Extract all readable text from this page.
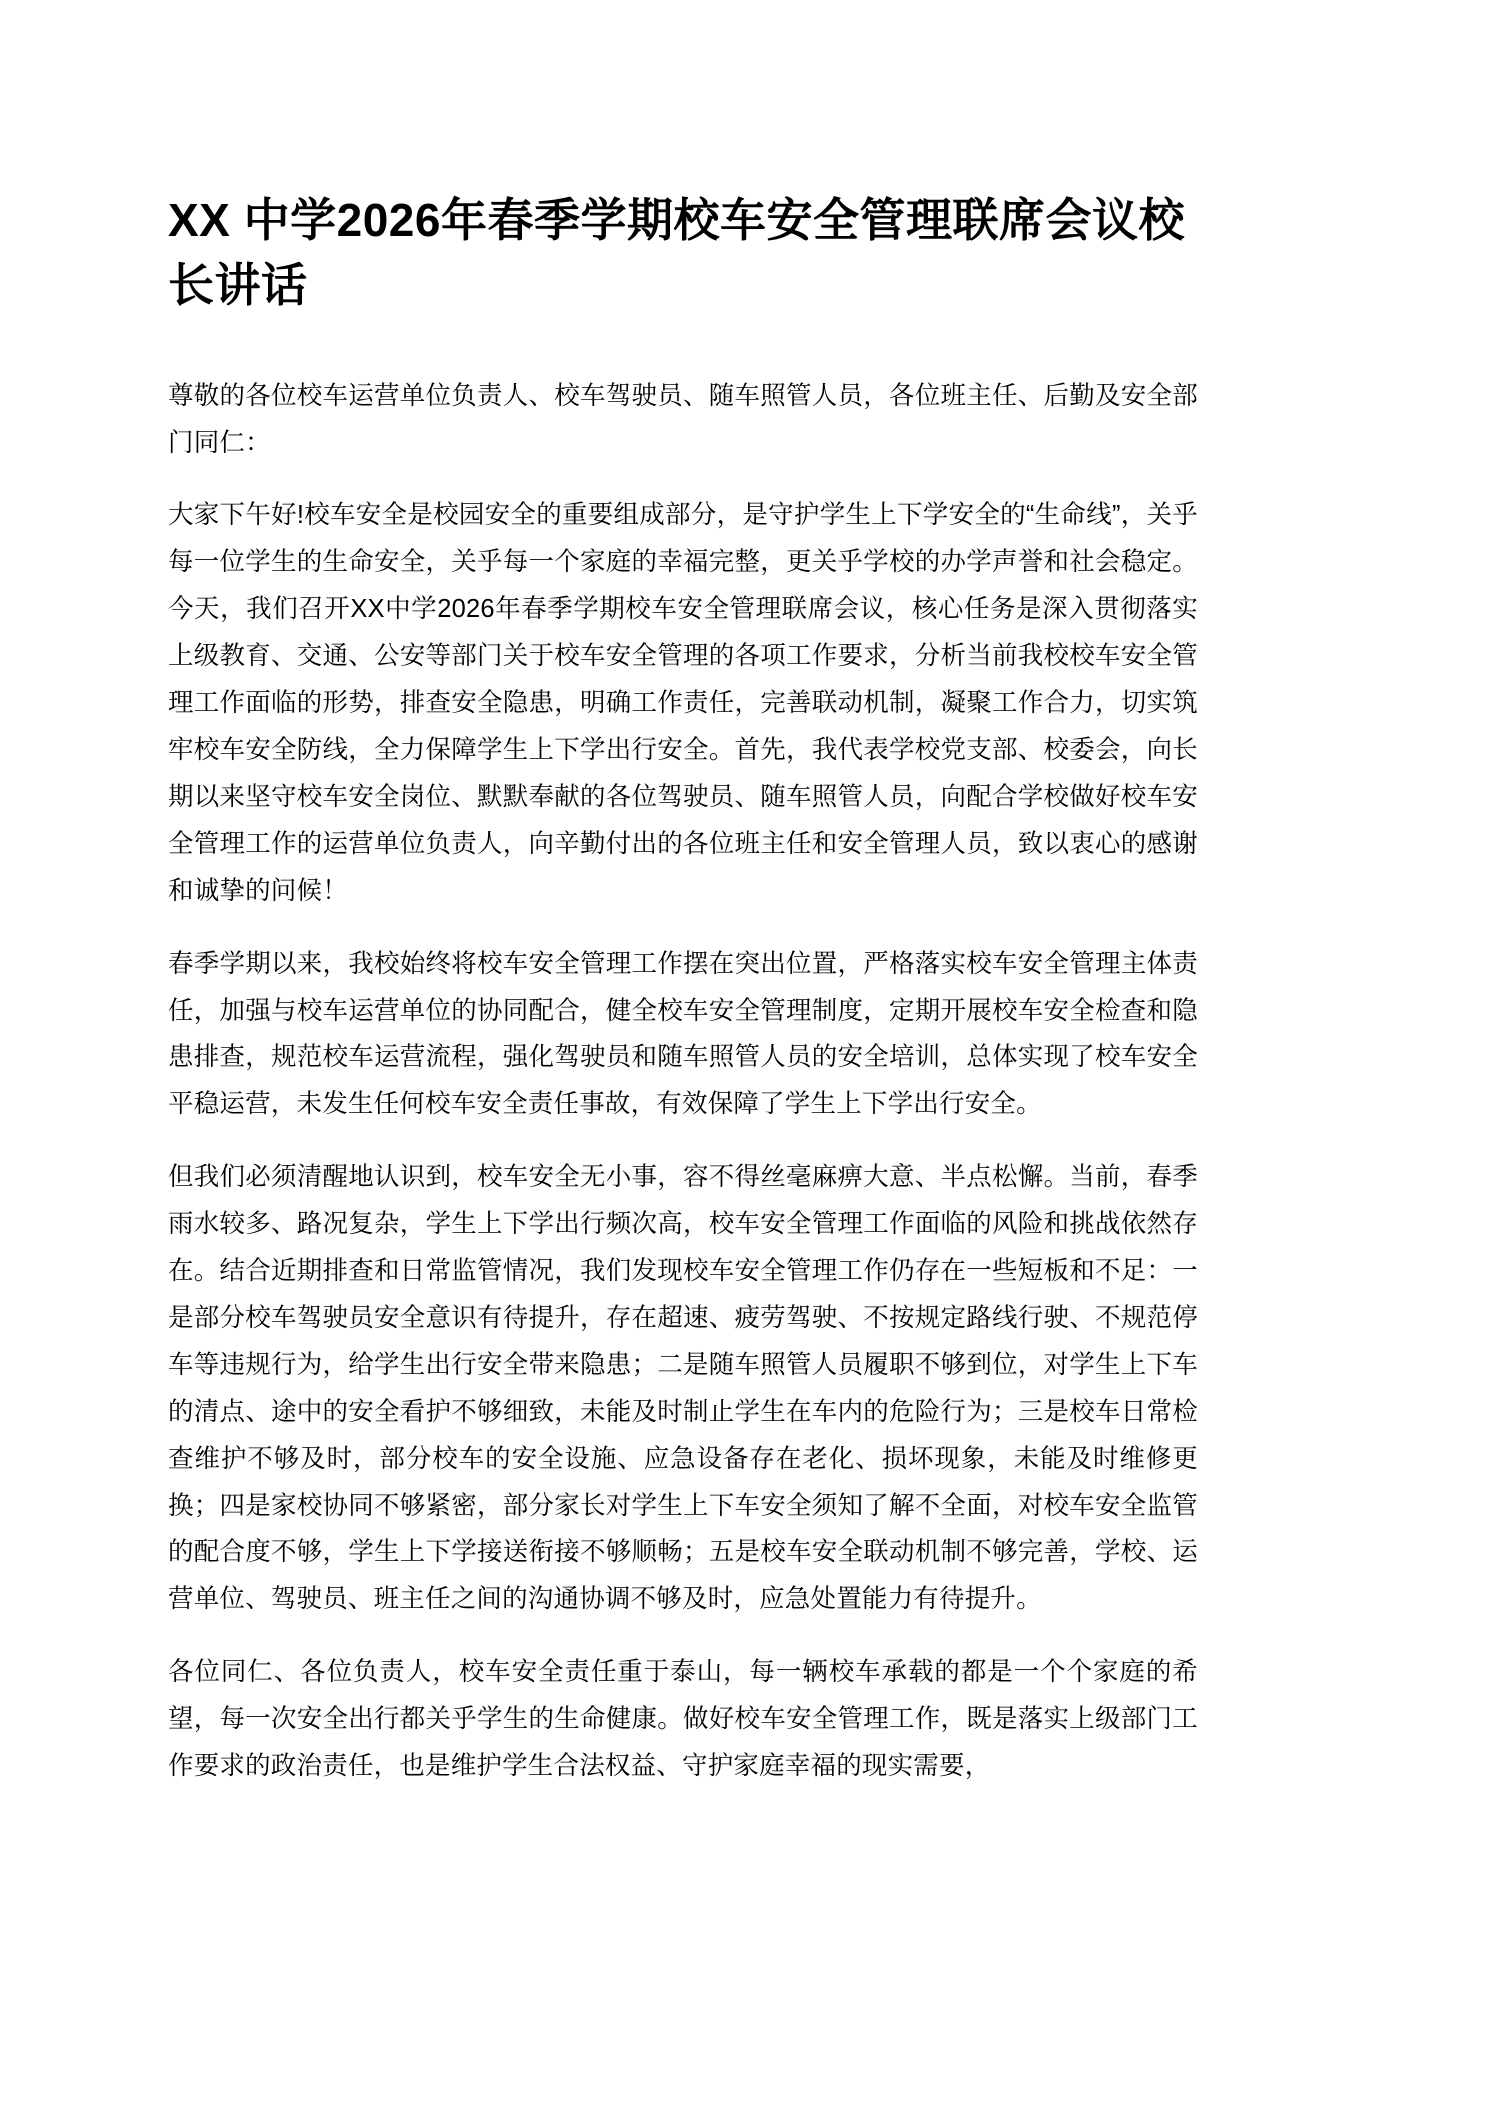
XX 中学2026年春季学期校车安全管理联席会议校长讲话

尊敬的各位校车运营单位负责人、校车驾驶员、随车照管人员，各位班主任、后勤及安全部门同仁：

大家下午好!校车安全是校园安全的重要组成部分，是守护学生上下学安全的“生命线”，关乎每一位学生的生命安全，关乎每一个家庭的幸福完整，更关乎学校的办学声誉和社会稳定。今天，我们召开XX中学2026年春季学期校车安全管理联席会议，核心任务是深入贯彻落实上级教育、交通、公安等部门关于校车安全管理的各项工作要求，分析当前我校校车安全管理工作面临的形势，排查安全隐患，明确工作责任，完善联动机制，凝聚工作合力，切实筑牢校车安全防线，全力保障学生上下学出行安全。首先，我代表学校党支部、校委会，向长期以来坚守校车安全岗位、默默奉献的各位驾驶员、随车照管人员，向配合学校做好校车安全管理工作的运营单位负责人，向辛勤付出的各位班主任和安全管理人员，致以衷心的感谢和诚挚的问候！

春季学期以来，我校始终将校车安全管理工作摆在突出位置，严格落实校车安全管理主体责任，加强与校车运营单位的协同配合，健全校车安全管理制度，定期开展校车安全检查和隐患排查，规范校车运营流程，强化驾驶员和随车照管人员的安全培训，总体实现了校车安全平稳运营，未发生任何校车安全责任事故，有效保障了学生上下学出行安全。

但我们必须清醒地认识到，校车安全无小事，容不得丝毫麻痹大意、半点松懈。当前，春季雨水较多、路况复杂，学生上下学出行频次高，校车安全管理工作面临的风险和挑战依然存在。结合近期排查和日常监管情况，我们发现校车安全管理工作仍存在一些短板和不足：一是部分校车驾驶员安全意识有待提升，存在超速、疲劳驾驶、不按规定路线行驶、不规范停车等违规行为，给学生出行安全带来隐患；二是随车照管人员履职不够到位，对学生上下车的清点、途中的安全看护不够细致，未能及时制止学生在车内的危险行为；三是校车日常检查维护不够及时，部分校车的安全设施、应急设备存在老化、损坏现象，未能及时维修更换；四是家校协同不够紧密，部分家长对学生上下车安全须知了解不全面，对校车安全监管的配合度不够，学生上下学接送衔接不够顺畅；五是校车安全联动机制不够完善，学校、运营单位、驾驶员、班主任之间的沟通协调不够及时，应急处置能力有待提升。

各位同仁、各位负责人，校车安全责任重于泰山，每一辆校车承载的都是一个个家庭的希望，每一次安全出行都关乎学生的生命健康。做好校车安全管理工作，既是落实上级部门工作要求的政治责任，也是维护学生合法权益、守护家庭幸福的现实需要，
